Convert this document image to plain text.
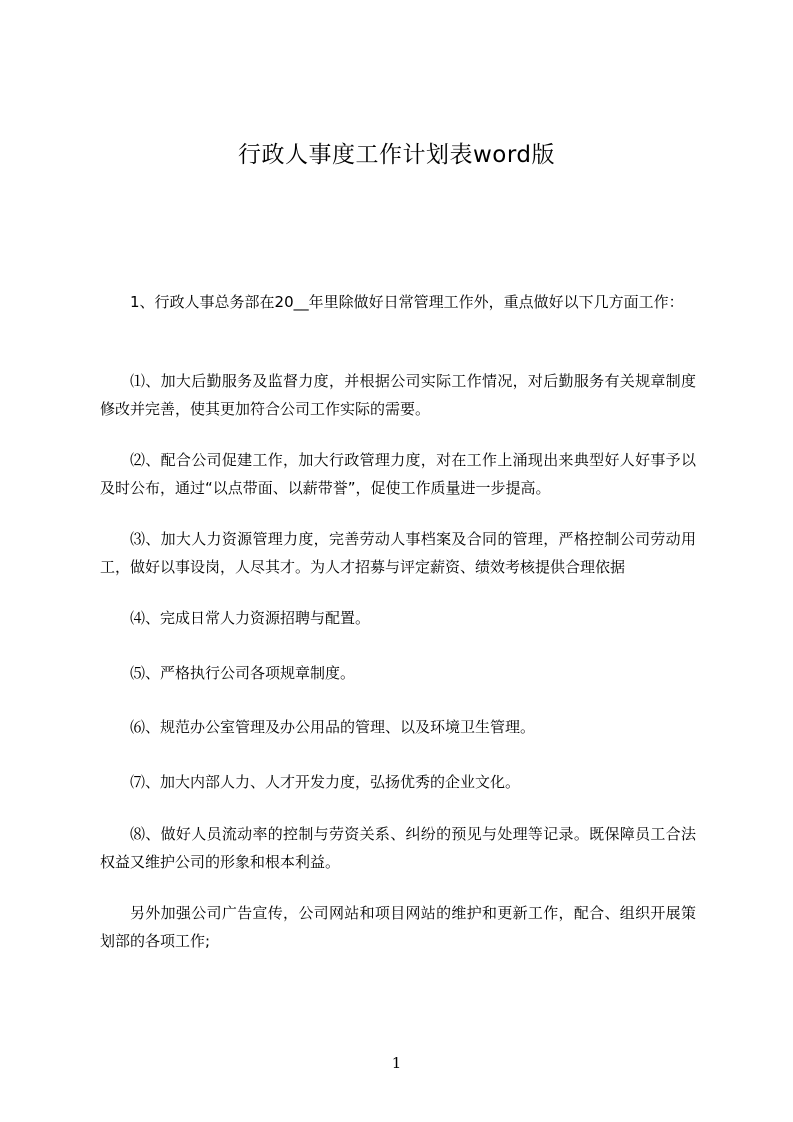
行政人事度工作计划表word版

1、行政人事总务部在20__年里除做好日常管理工作外，重点做好以下几方面工作：

⑴、加大后勤服务及监督力度，并根据公司实际工作情况，对后勤服务有关规章制度修改并完善，使其更加符合公司工作实际的需要。

⑵、配合公司促建工作，加大行政管理力度，对在工作上涌现出来典型好人好事予以及时公布，通过“以点带面、以薪带誉”，促使工作质量进一步提高。

⑶、加大人力资源管理力度，完善劳动人事档案及合同的管理，严格控制公司劳动用工，做好以事设岗，人尽其才。为人才招募与评定薪资、绩效考核提供合理依据

⑷、完成日常人力资源招聘与配置。

⑸、严格执行公司各项规章制度。

⑹、规范办公室管理及办公用品的管理、以及环境卫生管理。

⑺、加大内部人力、人才开发力度，弘扬优秀的企业文化。

⑻、做好人员流动率的控制与劳资关系、纠纷的预见与处理等记录。既保障员工合法权益又维护公司的形象和根本利益。

另外加强公司广告宣传，公司网站和项目网站的维护和更新工作，配合、组织开展策划部的各项工作;

1
